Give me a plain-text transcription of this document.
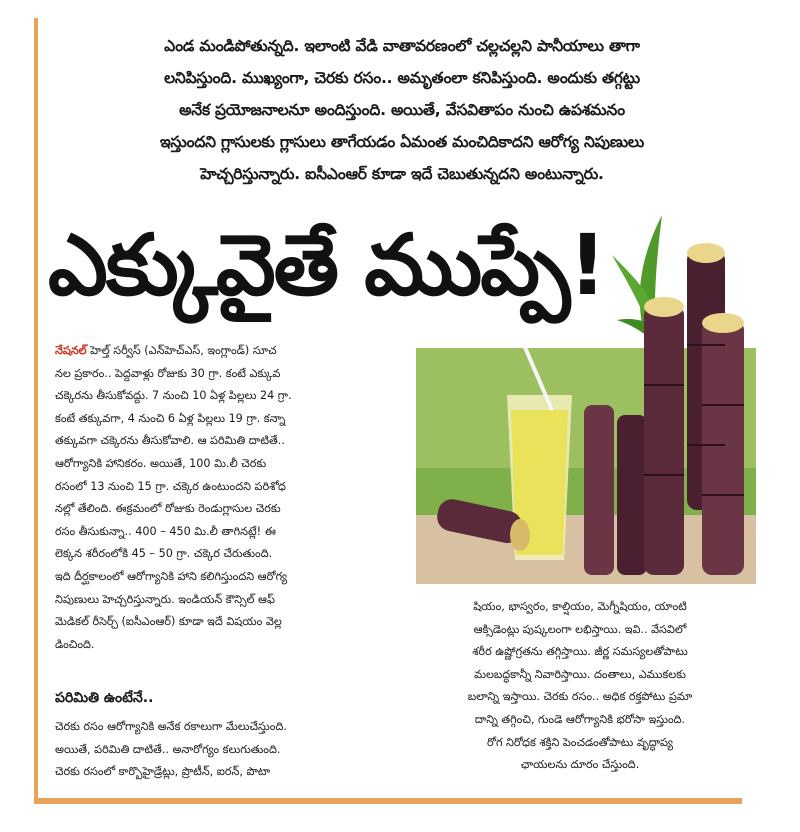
ఎండ మండిపోతున్నది. ఇలాంటి వేడి వాతావరణంలో చల్లచల్లని పానీయాలు తాగా
లనిపిస్తుంది. ముఖ్యంగా, చెరకు రసం.. అమృతంలా కనిపిస్తుంది. అందుకు తగ్గట్టు
అనేక ప్రయోజనాలనూ అందిస్తుంది. అయితే, వేసవితాపం నుంచి ఉపశమనం
ఇస్తుందని గ్లాసులకు గ్లాసులు తాగేయడం ఏమంత మంచిదికాదని ఆరోగ్య నిపుణులు
హెచ్చరిస్తున్నారు. ఐసీఎంఆర్ కూడా ఇదే చెబుతున్నదని అంటున్నారు.
ఎక్కువైతే ముప్పే!
నేషనల్ హెల్త్ సర్వీస్ (ఎన్‌హెచ్ఎస్, ఇంగ్లాండ్) సూచ
నల ప్రకారం.. పెద్దవాళ్లు రోజుకు 30 గ్రా. కంటే ఎక్కువ
చక్కెరను తీసుకోవద్దు. 7 నుంచి 10 ఏళ్ల పిల్లలు 24 గ్రా.
కంటే తక్కువగా, 4 నుంచి 6 ఏళ్ల పిల్లలు 19 గ్రా. కన్నా
తక్కువగా చక్కెరను తీసుకోవాలి. ఆ పరిమితి దాటితే..
ఆరోగ్యానికి హానికరం. అయితే, 100 మి.లీ చెరకు
రసంలో 13 నుంచి 15 గ్రా. చక్కెర ఉంటుందని పరిశోధ
నల్లో తేలింది. ఈక్రమంలో రోజుకు రెండుగ్లాసుల చెరకు
రసం తీసుకున్నా.. 400 – 450 మి.లీ తాగినట్లే! ఈ
లెక్కన శరీరంలోకి 45 – 50 గ్రా. చక్కెర చేరుతుంది.
ఇది దీర్ఘకాలంలో ఆరోగ్యానికి హాని కలిగిస్తుందని ఆరోగ్య
నిపుణులు హెచ్చరిస్తున్నారు. ఇండియన్ కౌన్సిల్ ఆఫ్
మెడికల్ రీసెర్చ్ (ఐసీఎంఆర్) కూడా ఇదే విషయం వెల్ల
డించింది.
పరిమితి ఉంటేనే..
చెరకు రసం ఆరోగ్యానికి అనేక రకాలుగా మేలుచేస్తుంది.
అయితే, పరిమితి దాటితే.. అనారోగ్యం కలుగుతుంది.
చెరకు రసంలో కార్బొహైడ్రేట్లు, ప్రొటీన్, ఐరన్, పొటా
షియం, భాస్వరం, కాల్షియం, మెగ్నీషియం, యాంటి
ఆక్సిడెంట్లు పుష్కలంగా లభిస్తాయి. ఇవి.. వేసవిలో
శరీర ఉష్ణోగ్రతను తగ్గిస్తాయి. జీర్ణ సమస్యలతోపాటు
మలబద్ధకాన్నీ నివారిస్తాయి. దంతాలు, ఎముకలకు
బలాన్ని ఇస్తాయి. చెరకు రసం.. అధిక రక్తపోటు ప్రమా
దాన్ని తగ్గించి, గుండె ఆరోగ్యానికి భరోసా ఇస్తుంది.
రోగ నిరోధక శక్తిని పెంచడంతోపాటు వృద్ధాప్య
ఛాయలను దూరం చేస్తుంది.
